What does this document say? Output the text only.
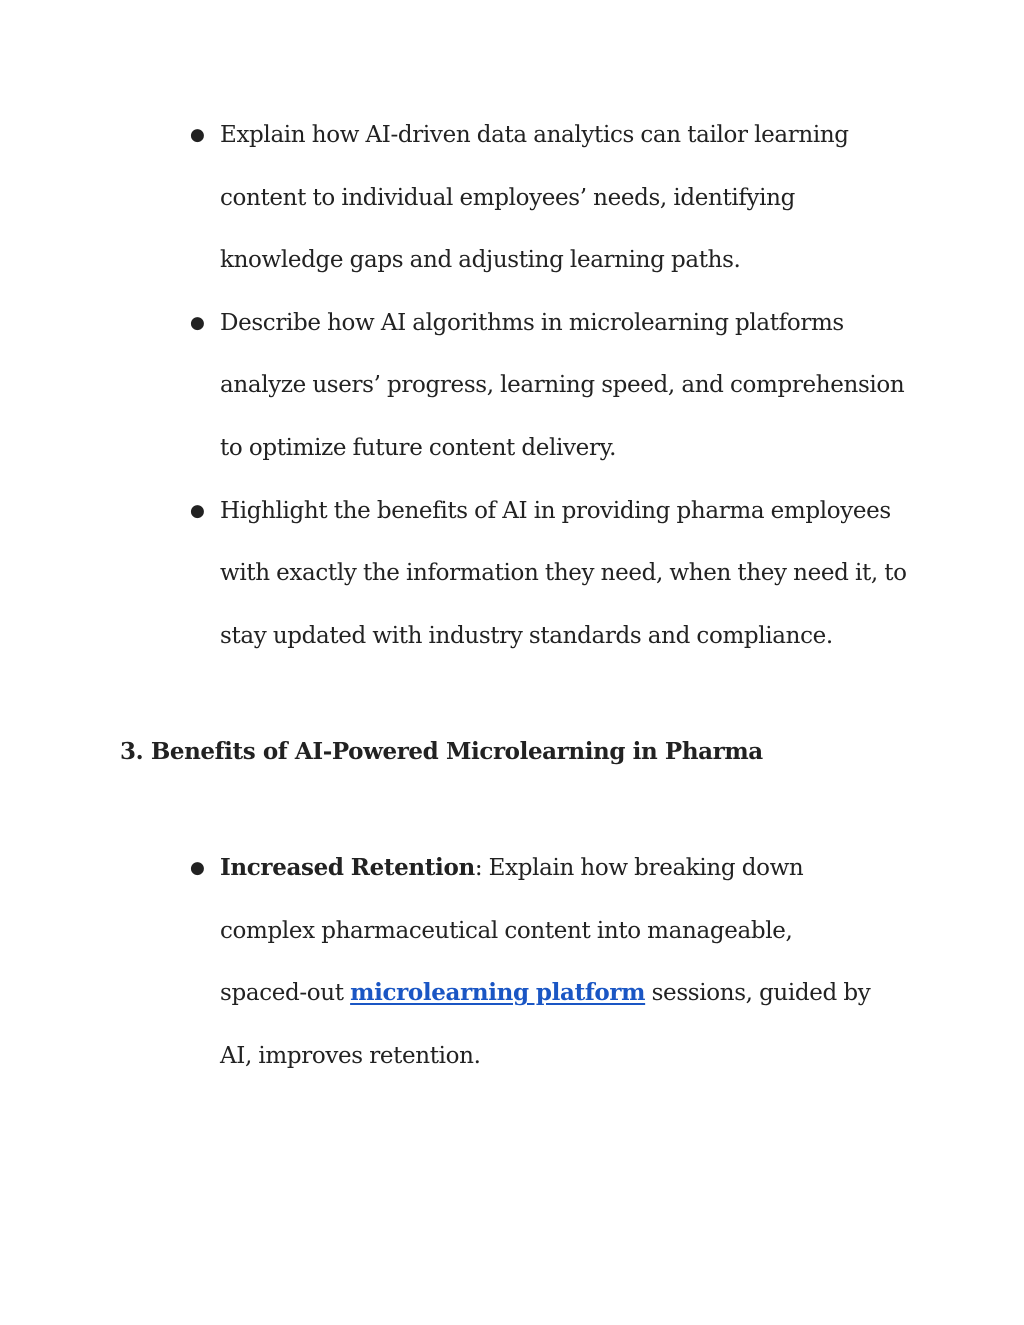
● Explain how AI-driven data analytics can tailor learning
content to individual employees’ needs, identifying
knowledge gaps and adjusting learning paths.
● Describe how AI algorithms in microlearning platforms
analyze users’ progress, learning speed, and comprehension
to optimize future content delivery.
● Highlight the benefits of AI in providing pharma employees
with exactly the information they need, when they need it, to
stay updated with industry standards and compliance.
3. Benefits of AI-Powered Microlearning in Pharma
● Increased Retention: Explain how breaking down
complex pharmaceutical content into manageable,
spaced-out microlearning platform sessions, guided by
AI, improves retention.
